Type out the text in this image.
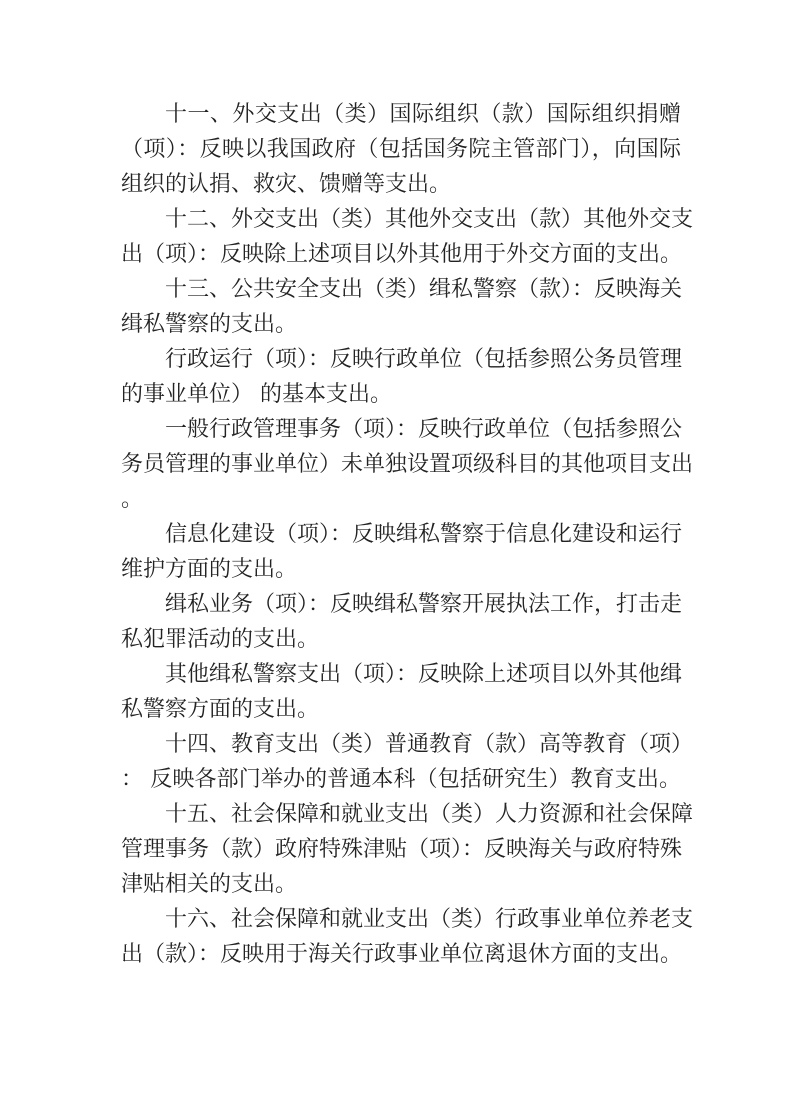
十一、外交支出（类）国际组织（款）国际组织捐赠
（项）：反映以我国政府（包括国务院主管部门），向国际
组织的认捐、救灾、馈赠等支出。
十二、外交支出（类）其他外交支出（款）其他外交支
出（项）：反映除上述项目以外其他用于外交方面的支出。
十三、公共安全支出（类）缉私警察（款）：反映海关
缉私警察的支出。
行政运行（项）：反映行政单位（包括参照公务员管理
的事业单位） 的基本支出。
一般行政管理事务（项）：反映行政单位（包括参照公
务员管理的事业单位）未单独设置项级科目的其他项目支出
。
信息化建设（项）：反映缉私警察于信息化建设和运行
维护方面的支出。
缉私业务（项）：反映缉私警察开展执法工作，打击走
私犯罪活动的支出。
其他缉私警察支出（项）：反映除上述项目以外其他缉
私警察方面的支出。
十四、教育支出（类）普通教育（款）高等教育（项）
： 反映各部门举办的普通本科（包括研究生）教育支出。
十五、社会保障和就业支出（类）人力资源和社会保障
管理事务（款）政府特殊津贴（项）：反映海关与政府特殊
津贴相关的支出。
十六、社会保障和就业支出（类）行政事业单位养老支
出（款）：反映用于海关行政事业单位离退休方面的支出。
